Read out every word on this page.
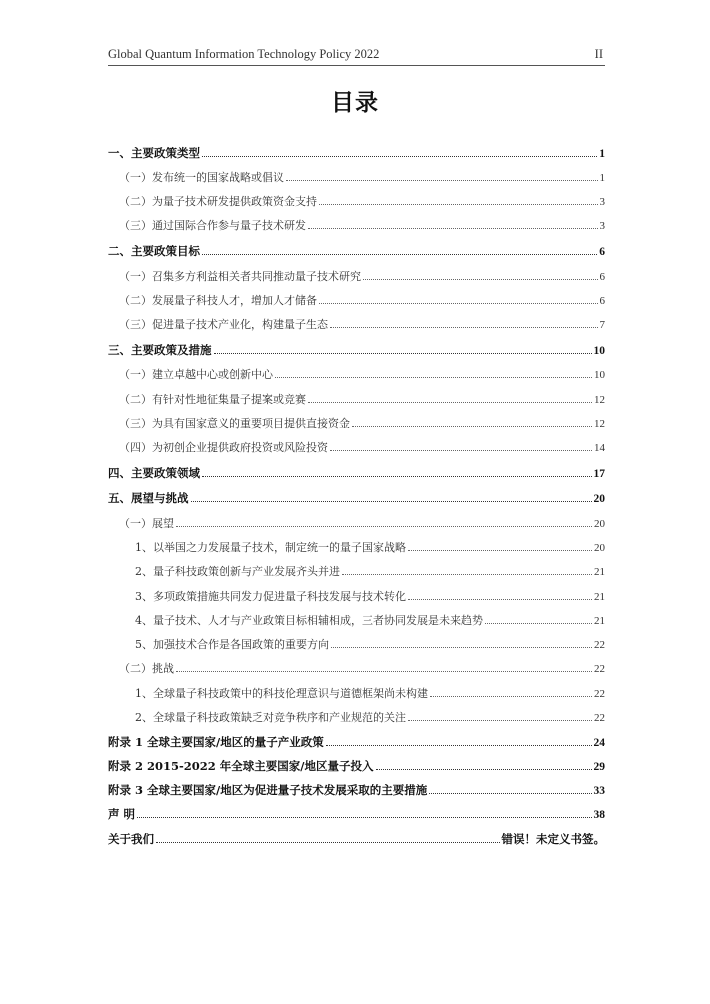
Global Quantum Information Technology Policy 2022	II
目录
一、主要政策类型	1
（一）发布统一的国家战略或倡议	1
（二）为量子技术研发提供政策资金支持	3
（三）通过国际合作参与量子技术研发	3
二、主要政策目标	6
（一）召集多方利益相关者共同推动量子技术研究	6
（二）发展量子科技人才，增加人才储备	6
（三）促进量子技术产业化，构建量子生态	7
三、主要政策及措施	10
（一）建立卓越中心或创新中心	10
（二）有针对性地征集量子提案或竞赛	12
（三）为具有国家意义的重要项目提供直接资金	12
（四）为初创企业提供政府投资或风险投资	14
四、主要政策领域	17
五、展望与挑战	20
（一）展望	20
1、以举国之力发展量子技术，制定统一的量子国家战略	20
2、量子科技政策创新与产业发展齐头并进	21
3、多项政策措施共同发力促进量子科技发展与技术转化	21
4、量子技术、人才与产业政策目标相辅相成，三者协同发展是未来趋势	21
5、加强技术合作是各国政策的重要方向	22
（二）挑战	22
1、全球量子科技政策中的科技伦理意识与道德框架尚未构建	22
2、全球量子科技政策缺乏对竞争秩序和产业规范的关注	22
附录 1 全球主要国家/地区的量子产业政策	24
附录 2 2015-2022 年全球主要国家/地区量子投入	29
附录 3 全球主要国家/地区为促进量子技术发展采取的主要措施	33
声 明	38
关于我们	错误！未定义书签。
